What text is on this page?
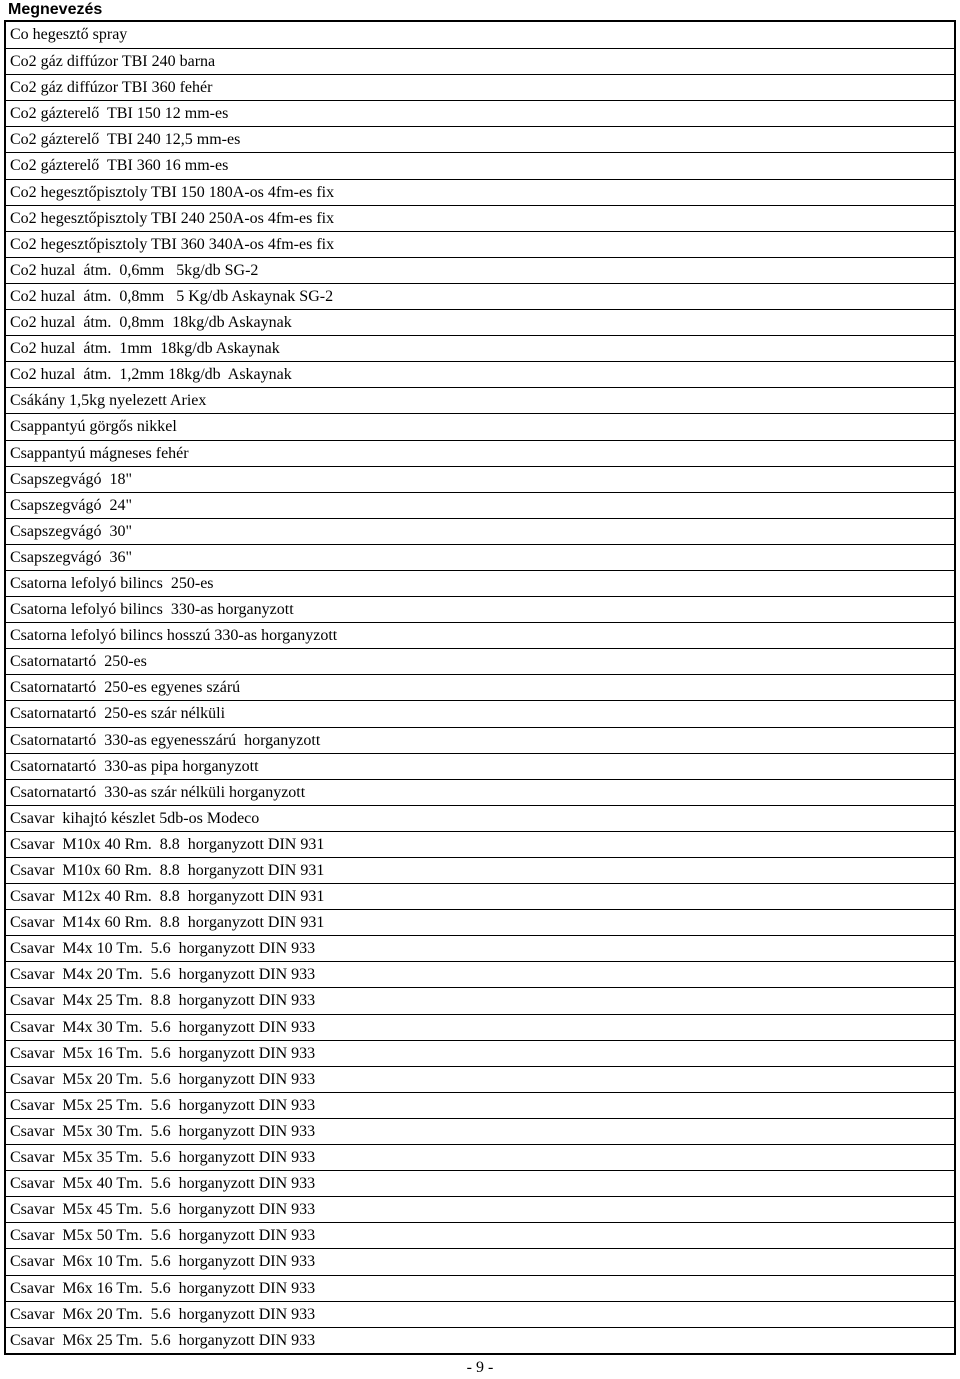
Megnevezés
Co hegesztő spray
Co2 gáz diffúzor TBI 240 barna
Co2 gáz diffúzor TBI 360 fehér
Co2 gázterelő  TBI 150 12 mm-es
Co2 gázterelő  TBI 240 12,5 mm-es
Co2 gázterelő  TBI 360 16 mm-es
Co2 hegesztőpisztoly TBI 150 180A-os 4fm-es fix
Co2 hegesztőpisztoly TBI 240 250A-os 4fm-es fix
Co2 hegesztőpisztoly TBI 360 340A-os 4fm-es fix
Co2 huzal  átm.  0,6mm   5kg/db SG-2
Co2 huzal  átm.  0,8mm   5 Kg/db Askaynak SG-2
Co2 huzal  átm.  0,8mm  18kg/db Askaynak
Co2 huzal  átm.  1mm  18kg/db Askaynak
Co2 huzal  átm.  1,2mm 18kg/db  Askaynak
Csákány 1,5kg nyelezett Ariex
Csappantyú görgős nikkel
Csappantyú mágneses fehér
Csapszegvágó  18"
Csapszegvágó  24"
Csapszegvágó  30"
Csapszegvágó  36"
Csatorna lefolyó bilincs  250-es
Csatorna lefolyó bilincs  330-as horganyzott
Csatorna lefolyó bilincs hosszú 330-as horganyzott
Csatornatartó  250-es
Csatornatartó  250-es egyenes szárú
Csatornatartó  250-es szár nélküli
Csatornatartó  330-as egyenesszárú  horganyzott
Csatornatartó  330-as pipa horganyzott
Csatornatartó  330-as szár nélküli horganyzott
Csavar  kihajtó készlet 5db-os Modeco
Csavar  M10x 40 Rm.  8.8  horganyzott DIN 931
Csavar  M10x 60 Rm.  8.8  horganyzott DIN 931
Csavar  M12x 40 Rm.  8.8  horganyzott DIN 931
Csavar  M14x 60 Rm.  8.8  horganyzott DIN 931
Csavar  M4x 10 Tm.  5.6  horganyzott DIN 933
Csavar  M4x 20 Tm.  5.6  horganyzott DIN 933
Csavar  M4x 25 Tm.  8.8  horganyzott DIN 933
Csavar  M4x 30 Tm.  5.6  horganyzott DIN 933
Csavar  M5x 16 Tm.  5.6  horganyzott DIN 933
Csavar  M5x 20 Tm.  5.6  horganyzott DIN 933
Csavar  M5x 25 Tm.  5.6  horganyzott DIN 933
Csavar  M5x 30 Tm.  5.6  horganyzott DIN 933
Csavar  M5x 35 Tm.  5.6  horganyzott DIN 933
Csavar  M5x 40 Tm.  5.6  horganyzott DIN 933
Csavar  M5x 45 Tm.  5.6  horganyzott DIN 933
Csavar  M5x 50 Tm.  5.6  horganyzott DIN 933
Csavar  M6x 10 Tm.  5.6  horganyzott DIN 933
Csavar  M6x 16 Tm.  5.6  horganyzott DIN 933
Csavar  M6x 20 Tm.  5.6  horganyzott DIN 933
Csavar  M6x 25 Tm.  5.6  horganyzott DIN 933
- 9 -
